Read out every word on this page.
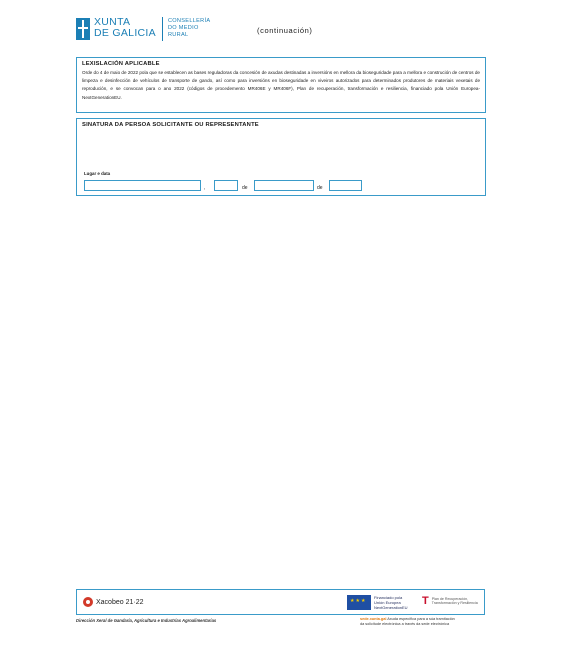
XUNTA
DE GALICIA
CONSELLERÍA
DO MEDIO
RURAL	(continuación)
LEXISLACIÓN APLICABLE
Orde do 4 de maio de 2022 pola que se establecen as bases reguladoras da concesión de axudas destinadas a inversións en mellora da bioseguridade para a mellora e construción de centros de limpeza e desinfección de vehículos de transporte de gando, así como para inversións en bioseguridade en viveiros autorizados para determinados produtores de materiais vexetais de reprodución, e se convocan para o ano 2022 (códigos de procedemento MR406E y MR406F), Plan de recuperación, transformación e resiliencia, financiado pola Unión Europea-NextGenerationEU.
SINATURA DA PERSOA SOLICITANTE OU REPRESENTANTE
Lugar e data
,	de	de
Xacobeo 21·22
★★★
Financiado pola
Unión Europea
NextGenerationEU
T Plan de Recuperación,
Transformación y Resiliencia
Dirección Xeral de Gandaría, Agricultura e Industrias Agroalimentarias	sede.xunta.gal Axuda específica para a súa tramitación
da solicitude electrónica a través da sede electrónica
